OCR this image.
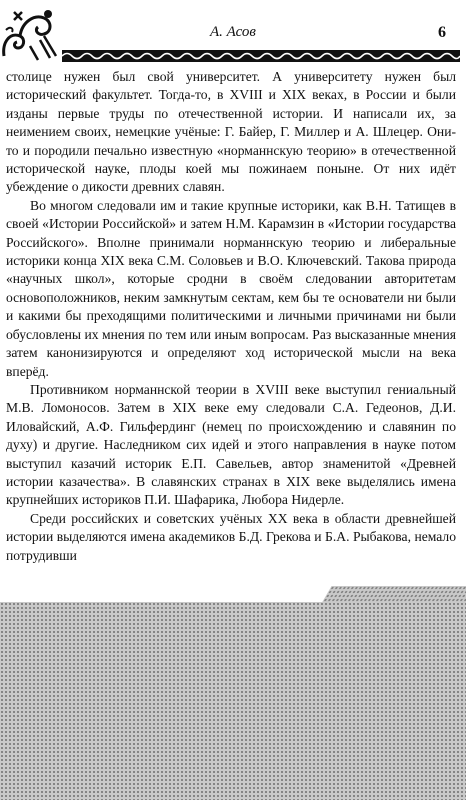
А. Асов	6

столице нужен был свой университет. А университету нужен был исторический факультет. Тогда-то, в XVIII и XIX веках, в России и были изданы первые труды по отечественной истории. И написали их, за неимением своих, немецкие учёные: Г. Байер, Г. Миллер и А. Шлецер. Они-то и породили печально известную «норманнскую теорию» в отечественной исторической науке, плоды коей мы пожинаем поныне. От них идёт убеждение о дикости древних славян.

Во многом следовали им и такие крупные историки, как В.Н. Татищев в своей «Истории Российской» и затем Н.М. Карамзин в «Истории государства Российского». Вполне принимали норманнскую теорию и либеральные историки конца XIX века С.М. Соловьев и В.О. Ключевский. Такова природа «научных школ», которые сродни в своём следовании авторитетам основоположников, неким замкнутым сектам, кем бы те основатели ни были и какими бы преходящими политическими и личными причинами ни были обусловлены их мнения по тем или иным вопросам. Раз высказанные мнения затем канонизируются и определяют ход исторической мысли на века вперёд.

Противником норманнской теории в XVIII веке выступил гениальный М.В. Ломоносов. Затем в XIX веке ему следовали С.А. Гедеонов, Д.И. Иловайский, А.Ф. Гильфердинг (немец по происхождению и славянин по духу) и другие. Наследником сих идей и этого направления в науке потом выступил казачий историк Е.П. Савельев, автор знаменитой «Древней истории казачества». В славянских странах в XIX веке выделялись имена крупнейших историков П.И. Шафарика, Любора Нидерле.

Среди российских и советских учёных XX века в области древнейшей истории выделяются имена академиков Б.Д. Грекова и Б.А. Рыбакова, немало потрудивши
